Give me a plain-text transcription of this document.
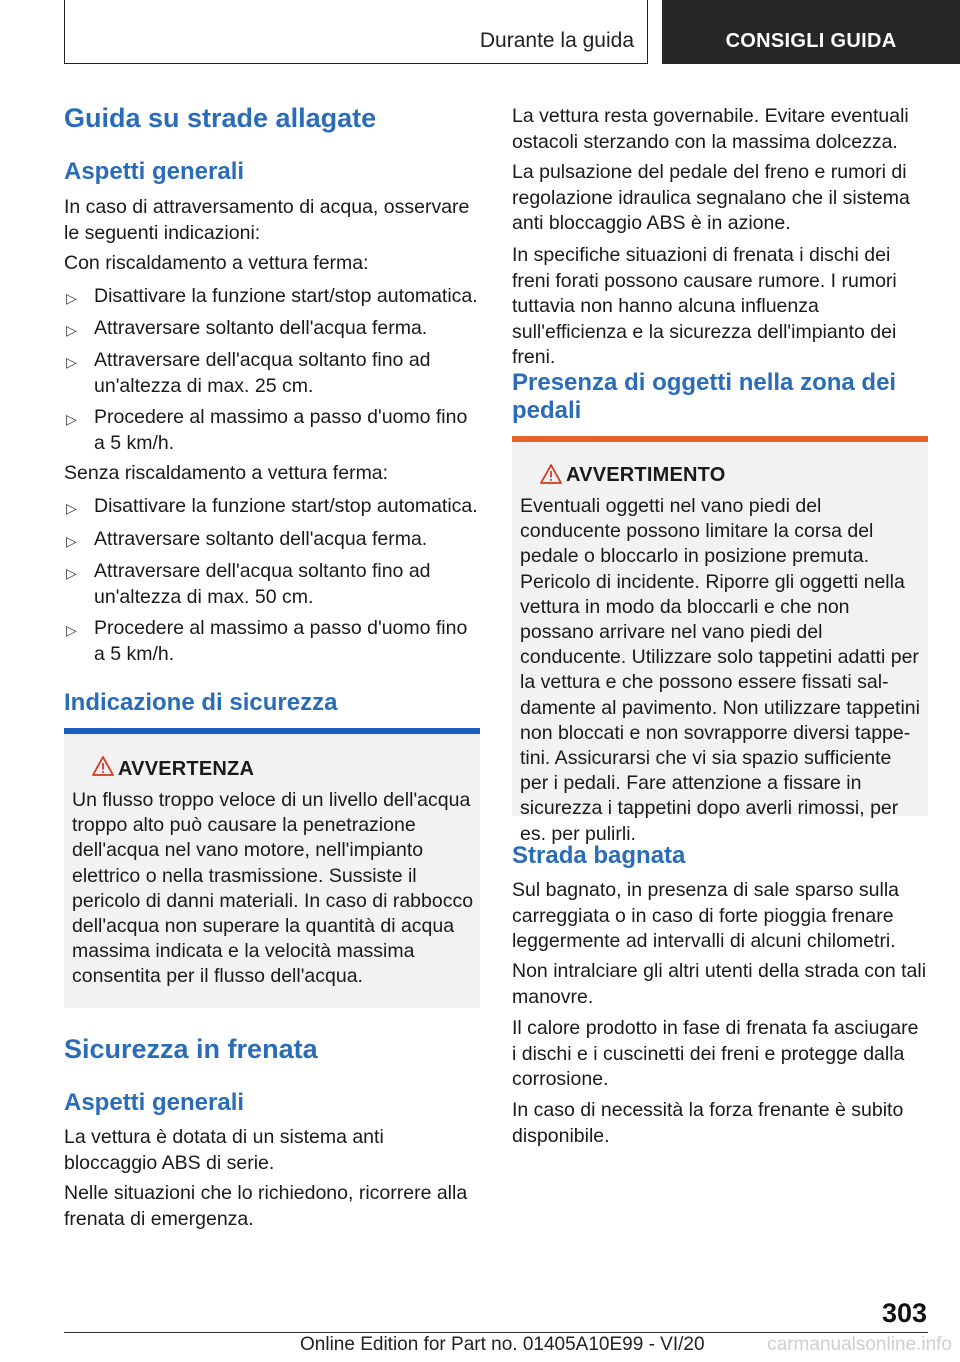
Durante la guida	CONSIGLI GUIDA
Guida su strade allagate
Aspetti generali

In caso di attraversamento di acqua, osservare le seguenti indicazioni:

Con riscaldamento a vettura ferma:

▷ Disattivare la funzione start/stop automatica.
▷ Attraversare soltanto dell'acqua ferma.
▷ Attraversare dell'acqua soltanto fino ad un'altezza di max. 25 cm.
▷ Procedere al massimo a passo d'uomo fino a 5 km/h.

Senza riscaldamento a vettura ferma:

▷ Disattivare la funzione start/stop automatica.
▷ Attraversare soltanto dell'acqua ferma.
▷ Attraversare dell'acqua soltanto fino ad un'altezza di max. 50 cm.
▷ Procedere al massimo a passo d'uomo fino a 5 km/h.
Indicazione di sicurezza
AVVERTENZA
Un flusso troppo veloce di un livello dell'acqua troppo alto può causare la penetrazione dell'acqua nel vano motore, nell'impianto elettrico o nella trasmissione. Sussiste il pericolo di danni materiali. In caso di rabbocco dell'acqua non superare la quantità di acqua massima indicata e la velocità massima consentita per il flusso dell'acqua.
Sicurezza in frenata
Aspetti generali

La vettura è dotata di un sistema anti bloccaggio ABS di serie.

Nelle situazioni che lo richiedono, ricorrere alla frenata di emergenza.

La vettura resta governabile. Evitare eventuali ostacoli sterzando con la massima dolcezza.

La pulsazione del pedale del freno e rumori di regolazione idraulica segnalano che il sistema anti bloccaggio ABS è in azione.

In specifiche situazioni di frenata i dischi dei freni forati possono causare rumore. I rumori tuttavia non hanno alcuna influenza sull'efficienza e la sicurezza dell'impianto dei freni.

Presenza di oggetti nella zona dei pedali
AVVERTIMENTO
Eventuali oggetti nel vano piedi del conducente possono limitare la corsa del pedale o bloccarlo in posizione premuta. Pericolo di incidente. Riporre gli oggetti nella vettura in modo da bloccarli e che non possano arrivare nel vano piedi del conducente. Utilizzare solo tappetini adatti per la vettura e che possono essere fissati saldamente al pavimento. Non utilizzare tappetini non bloccati e non sovrapporre diversi tappetini. Assicurarsi che vi sia spazio sufficiente per i pedali. Fare attenzione a fissare in sicurezza i tappetini dopo averli rimossi, per es. per pulirli.
Strada bagnata

Sul bagnato, in presenza di sale sparso sulla carreggiata o in caso di forte pioggia frenare leggermente ad intervalli di alcuni chilometri.

Non intralciare gli altri utenti della strada con tali manovre.

Il calore prodotto in fase di frenata fa asciugare i dischi e i cuscinetti dei freni e protegge dalla corrosione.

In caso di necessità la forza frenante è subito disponibile.

303
Online Edition for Part no. 01405A10E99 - VI/20	carmanualsonline.info
